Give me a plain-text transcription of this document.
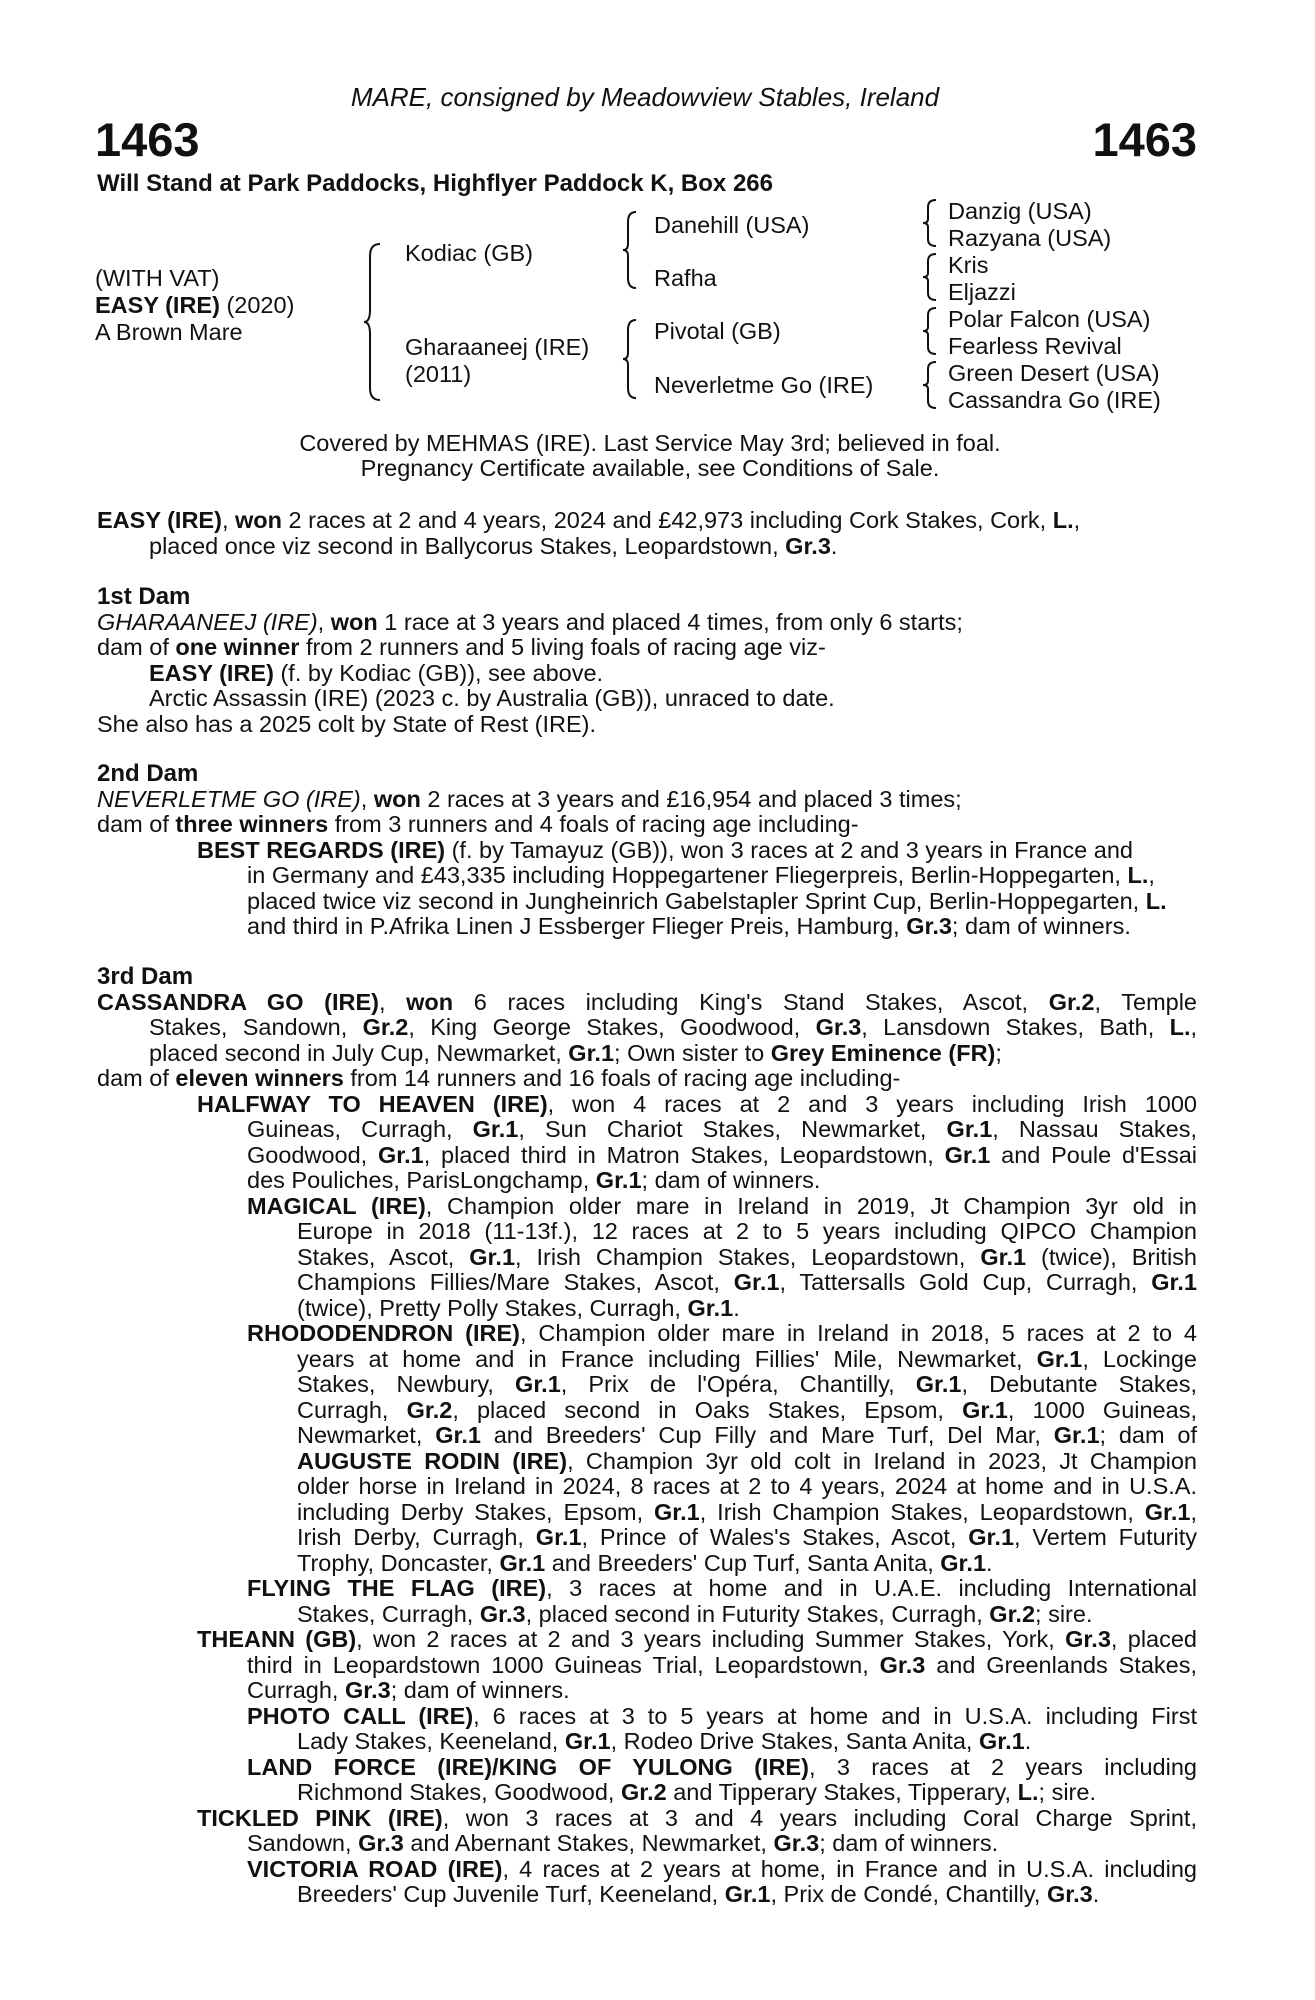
MARE, consigned by Meadowview Stables, Ireland
1463	1463
Will Stand at Park Paddocks, Highflyer Paddock K, Box 266
(WITH VAT)
EASY (IRE) (2020)
A Brown Mare
Kodiac (GB)
Gharaaneej (IRE)
(2011)
Danehill (USA)
Rafha
Pivotal (GB)
Neverletme Go (IRE)
Danzig (USA)
Razyana (USA)
Kris
Eljazzi
Polar Falcon (USA)
Fearless Revival
Green Desert (USA)
Cassandra Go (IRE)
Covered by MEHMAS (IRE). Last Service May 3rd; believed in foal.
Pregnancy Certificate available, see Conditions of Sale.
EASY (IRE), won 2 races at 2 and 4 years, 2024 and £42,973 including Cork Stakes, Cork, L.,
placed once viz second in Ballycorus Stakes, Leopardstown, Gr.3.
1st Dam
GHARAANEEJ (IRE), won 1 race at 3 years and placed 4 times, from only 6 starts;
dam of one winner from 2 runners and 5 living foals of racing age viz-
EASY (IRE) (f. by Kodiac (GB)), see above.
Arctic Assassin (IRE) (2023 c. by Australia (GB)), unraced to date.
She also has a 2025 colt by State of Rest (IRE).
2nd Dam
NEVERLETME GO (IRE), won 2 races at 3 years and £16,954 and placed 3 times;
dam of three winners from 3 runners and 4 foals of racing age including-
BEST REGARDS (IRE) (f. by Tamayuz (GB)), won 3 races at 2 and 3 years in France and
in Germany and £43,335 including Hoppegartener Fliegerpreis, Berlin-Hoppegarten, L.,
placed twice viz second in Jungheinrich Gabelstapler Sprint Cup, Berlin-Hoppegarten, L.
and third in P.Afrika Linen J Essberger Flieger Preis, Hamburg, Gr.3; dam of winners.
3rd Dam
CASSANDRA GO (IRE), won 6 races including King's Stand Stakes, Ascot, Gr.2, Temple
Stakes, Sandown, Gr.2, King George Stakes, Goodwood, Gr.3, Lansdown Stakes, Bath, L.,
placed second in July Cup, Newmarket, Gr.1; Own sister to Grey Eminence (FR);
dam of eleven winners from 14 runners and 16 foals of racing age including-
HALFWAY TO HEAVEN (IRE), won 4 races at 2 and 3 years including Irish 1000
Guineas, Curragh, Gr.1, Sun Chariot Stakes, Newmarket, Gr.1, Nassau Stakes,
Goodwood, Gr.1, placed third in Matron Stakes, Leopardstown, Gr.1 and Poule d'Essai
des Pouliches, ParisLongchamp, Gr.1; dam of winners.
MAGICAL (IRE), Champion older mare in Ireland in 2019, Jt Champion 3yr old in
Europe in 2018 (11-13f.), 12 races at 2 to 5 years including QIPCO Champion
Stakes, Ascot, Gr.1, Irish Champion Stakes, Leopardstown, Gr.1 (twice), British
Champions Fillies/Mare Stakes, Ascot, Gr.1, Tattersalls Gold Cup, Curragh, Gr.1
(twice), Pretty Polly Stakes, Curragh, Gr.1.
RHODODENDRON (IRE), Champion older mare in Ireland in 2018, 5 races at 2 to 4
years at home and in France including Fillies' Mile, Newmarket, Gr.1, Lockinge
Stakes, Newbury, Gr.1, Prix de l'Opéra, Chantilly, Gr.1, Debutante Stakes,
Curragh, Gr.2, placed second in Oaks Stakes, Epsom, Gr.1, 1000 Guineas,
Newmarket, Gr.1 and Breeders' Cup Filly and Mare Turf, Del Mar, Gr.1; dam of
AUGUSTE RODIN (IRE), Champion 3yr old colt in Ireland in 2023, Jt Champion
older horse in Ireland in 2024, 8 races at 2 to 4 years, 2024 at home and in U.S.A.
including Derby Stakes, Epsom, Gr.1, Irish Champion Stakes, Leopardstown, Gr.1,
Irish Derby, Curragh, Gr.1, Prince of Wales's Stakes, Ascot, Gr.1, Vertem Futurity
Trophy, Doncaster, Gr.1 and Breeders' Cup Turf, Santa Anita, Gr.1.
FLYING THE FLAG (IRE), 3 races at home and in U.A.E. including International
Stakes, Curragh, Gr.3, placed second in Futurity Stakes, Curragh, Gr.2; sire.
THEANN (GB), won 2 races at 2 and 3 years including Summer Stakes, York, Gr.3, placed
third in Leopardstown 1000 Guineas Trial, Leopardstown, Gr.3 and Greenlands Stakes,
Curragh, Gr.3; dam of winners.
PHOTO CALL (IRE), 6 races at 3 to 5 years at home and in U.S.A. including First
Lady Stakes, Keeneland, Gr.1, Rodeo Drive Stakes, Santa Anita, Gr.1.
LAND FORCE (IRE)/KING OF YULONG (IRE), 3 races at 2 years including
Richmond Stakes, Goodwood, Gr.2 and Tipperary Stakes, Tipperary, L.; sire.
TICKLED PINK (IRE), won 3 races at 3 and 4 years including Coral Charge Sprint,
Sandown, Gr.3 and Abernant Stakes, Newmarket, Gr.3; dam of winners.
VICTORIA ROAD (IRE), 4 races at 2 years at home, in France and in U.S.A. including
Breeders' Cup Juvenile Turf, Keeneland, Gr.1, Prix de Condé, Chantilly, Gr.3.
